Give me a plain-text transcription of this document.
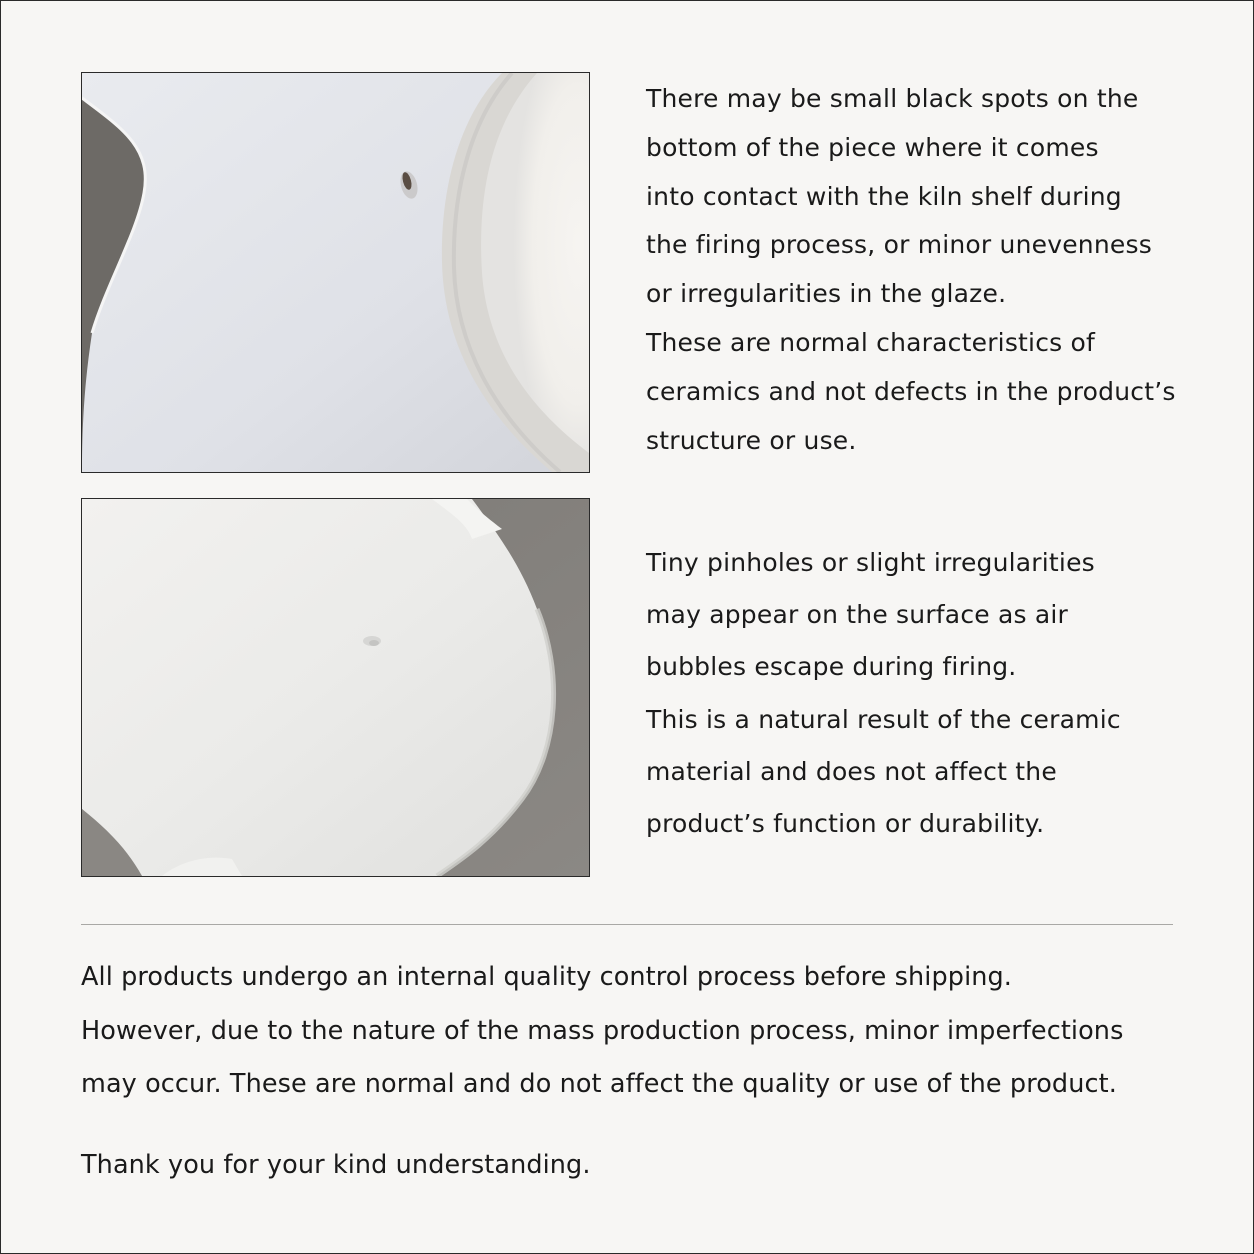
There may be small black spots on the

bottom of the piece where it comes

into contact with the kiln shelf during

the firing process, or minor unevenness

or irregularities in the glaze.

These are normal characteristics of

ceramics and not defects in the product’s

structure or use.

Tiny pinholes or slight irregularities

may appear on the surface as air

bubbles escape during firing.

This is a natural result of the ceramic

material and does not affect the

product’s function or durability.

All products undergo an internal quality control process before shipping.

However, due to the nature of the mass production process, minor imperfections

may occur. These are normal and do not affect the quality or use of the product.

Thank you for your kind understanding.
